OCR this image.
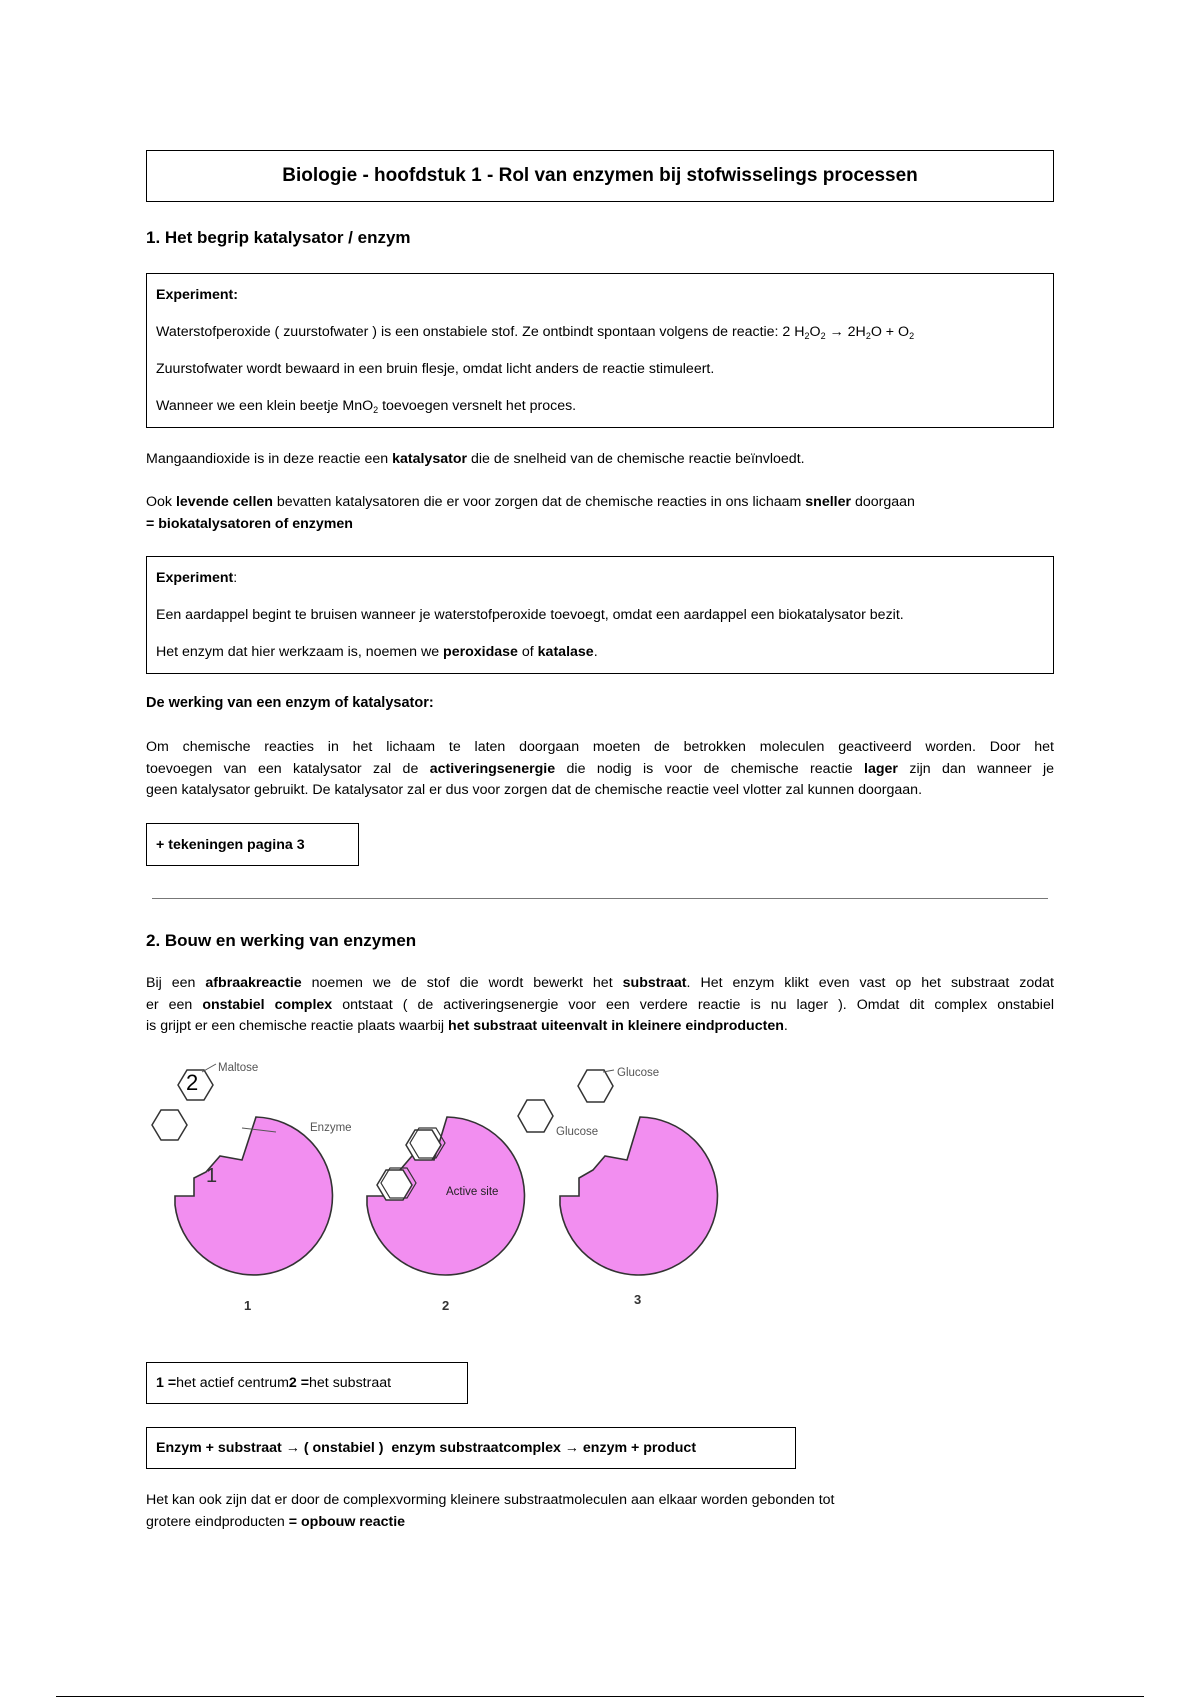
Biologie - hoofdstuk 1 - Rol van enzymen bij stofwisselings processen
1. Het begrip katalysator / enzym
Experiment:
Waterstofperoxide ( zuurstofwater ) is een onstabiele stof. Ze ontbindt spontaan volgens de reactie: 2 $H_2O_2 \to 2H_2O + O_2$
Zuurstofwater wordt bewaard in een bruin flesje, omdat licht anders de reactie stimuleert.
Wanneer we een klein beetje MnO$_2$ toevoegen versnelt het proces.
Mangaandioxide is in deze reactie een katalysator die de snelheid van de chemische reactie beïnvloedt.
Ook levende cellen bevatten katalysatoren die er voor zorgen dat de chemische reacties in ons lichaam sneller doorgaan
= biokatalysatoren of enzymen
Experiment:
Een aardappel begint te bruisen wanneer je waterstofperoxide toevoegt, omdat een aardappel een biokatalysator bezit.
Het enzym dat hier werkzaam is, noemen we peroxidase of katalase.
De werking van een enzym of katalysator:
Om chemische reacties in het lichaam te laten doorgaan moeten de betrokken moleculen geactiveerd worden. Door het
toevoegen van een katalysator zal de activeringsenergie die nodig is voor de chemische reactie lager zijn dan wanneer je
geen katalysator gebruikt. De katalysator zal er dus voor zorgen dat de chemische reactie veel vlotter zal kunnen doorgaan.
+ tekeningen pagina 3
2. Bouw en werking van enzymen
Bij een afbraakreactie noemen we de stof die wordt bewerkt het substraat. Het enzym klikt even vast op het substraat zodat
er een onstabiel complex ontstaat ( de activeringsenergie voor een verdere reactie is nu lager ). Omdat dit complex onstabiel
is grijpt er een chemische reactie plaats waarbij het substraat uiteenvalt in kleinere eindproducten.
2
1
Maltose
Enzyme
Active site
Glucose
Glucose
1	2	3
1 = het actief centrum 2 = het substraat
Enzym + substraat → ( onstabiel )  enzym substraatcomplex → enzym + product
Het kan ook zijn dat er door de complexvorming kleinere substraatmoleculen aan elkaar worden gebonden tot
grotere eindproducten = opbouw reactie
